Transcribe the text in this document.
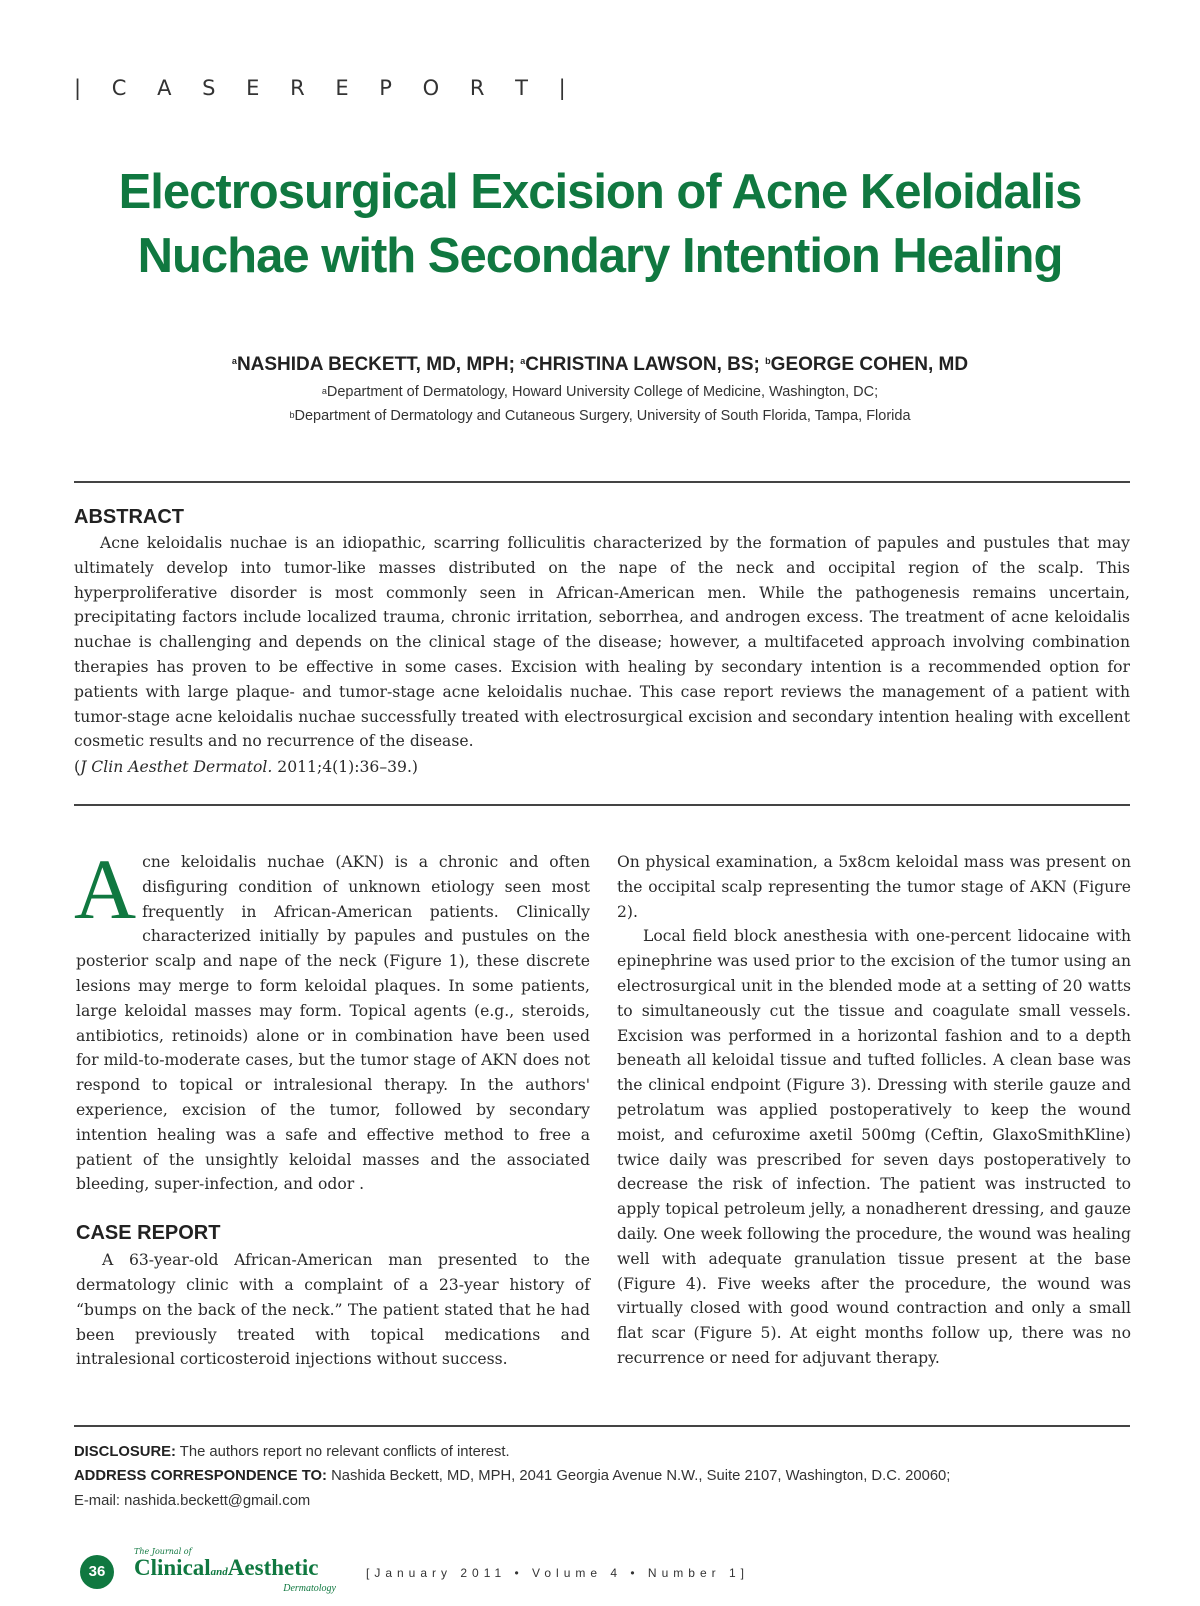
| C A S E R E P O R T |
Electrosurgical Excision of Acne Keloidalis
Nuchae with Secondary Intention Healing
$^a$NASHIDA BECKETT, MD, MPH; $^a$CHRISTINA LAWSON, BS; $^b$GEORGE COHEN, MD
$^a$Department of Dermatology, Howard University College of Medicine, Washington, DC;
$^b$Department of Dermatology and Cutaneous Surgery, University of South Florida, Tampa, Florida
ABSTRACT

Acne keloidalis nuchae is an idiopathic, scarring folliculitis characterized by the formation of papules and pustules that may ultimately develop into tumor-like masses distributed on the nape of the neck and occipital region of the scalp. This hyperproliferative disorder is most commonly seen in African-American men. While the pathogenesis remains uncertain, precipitating factors include localized trauma, chronic irritation, seborrhea, and androgen excess. The treatment of acne keloidalis nuchae is challenging and depends on the clinical stage of the disease; however, a multifaceted approach involving combination therapies has proven to be effective in some cases. Excision with healing by secondary intention is a recommended option for patients with large plaque- and tumor-stage acne keloidalis nuchae. This case report reviews the management of a patient with tumor-stage acne keloidalis nuchae successfully treated with electrosurgical excision and secondary intention healing with excellent cosmetic results and no recurrence of the disease.

(J Clin Aesthet Dermatol. 2011;4(1):36–39.)

Acne keloidalis nuchae (AKN) is a chronic and often disfiguring condition of unknown etiology seen most frequently in African-American patients. Clinically characterized initially by papules and pustules on the posterior scalp and nape of the neck (Figure 1), these discrete lesions may merge to form keloidal plaques. In some patients, large keloidal masses may form. Topical agents (e.g., steroids, antibiotics, retinoids) alone or in combination have been used for mild-to-moderate cases, but the tumor stage of AKN does not respond to topical or intralesional therapy. In the authors' experience, excision of the tumor, followed by secondary intention healing was a safe and effective method to free a patient of the unsightly keloidal masses and the associated bleeding, super-infection, and odor .

CASE REPORT

A 63-year-old African-American man presented to the dermatology clinic with a complaint of a 23-year history of “bumps on the back of the neck.” The patient stated that he had been previously treated with topical medications and intralesional corticosteroid injections without success.

On physical examination, a 5x8cm keloidal mass was present on the occipital scalp representing the tumor stage of AKN (Figure 2).

Local field block anesthesia with one-percent lidocaine with epinephrine was used prior to the excision of the tumor using an electrosurgical unit in the blended mode at a setting of 20 watts to simultaneously cut the tissue and coagulate small vessels. Excision was performed in a horizontal fashion and to a depth beneath all keloidal tissue and tufted follicles. A clean base was the clinical endpoint (Figure 3). Dressing with sterile gauze and petrolatum was applied postoperatively to keep the wound moist, and cefuroxime axetil 500mg (Ceftin, GlaxoSmithKline) twice daily was prescribed for seven days postoperatively to decrease the risk of infection. The patient was instructed to apply topical petroleum jelly, a nonadherent dressing, and gauze daily. One week following the procedure, the wound was healing well with adequate granulation tissue present at the base (Figure 4). Five weeks after the procedure, the wound was virtually closed with good wound contraction and only a small flat scar (Figure 5). At eight months follow up, there was no recurrence or need for adjuvant therapy.

DISCLOSURE: The authors report no relevant conflicts of interest.
ADDRESS CORRESPONDENCE TO: Nashida Beckett, MD, MPH, 2041 Georgia Avenue N.W., Suite 2107, Washington, D.C. 20060;
E-mail: nashida.beckett@gmail.com
36
The Journal of
ClinicalandAesthetic
Dermatology
[January 2011 • Volume 4 • Number 1]
